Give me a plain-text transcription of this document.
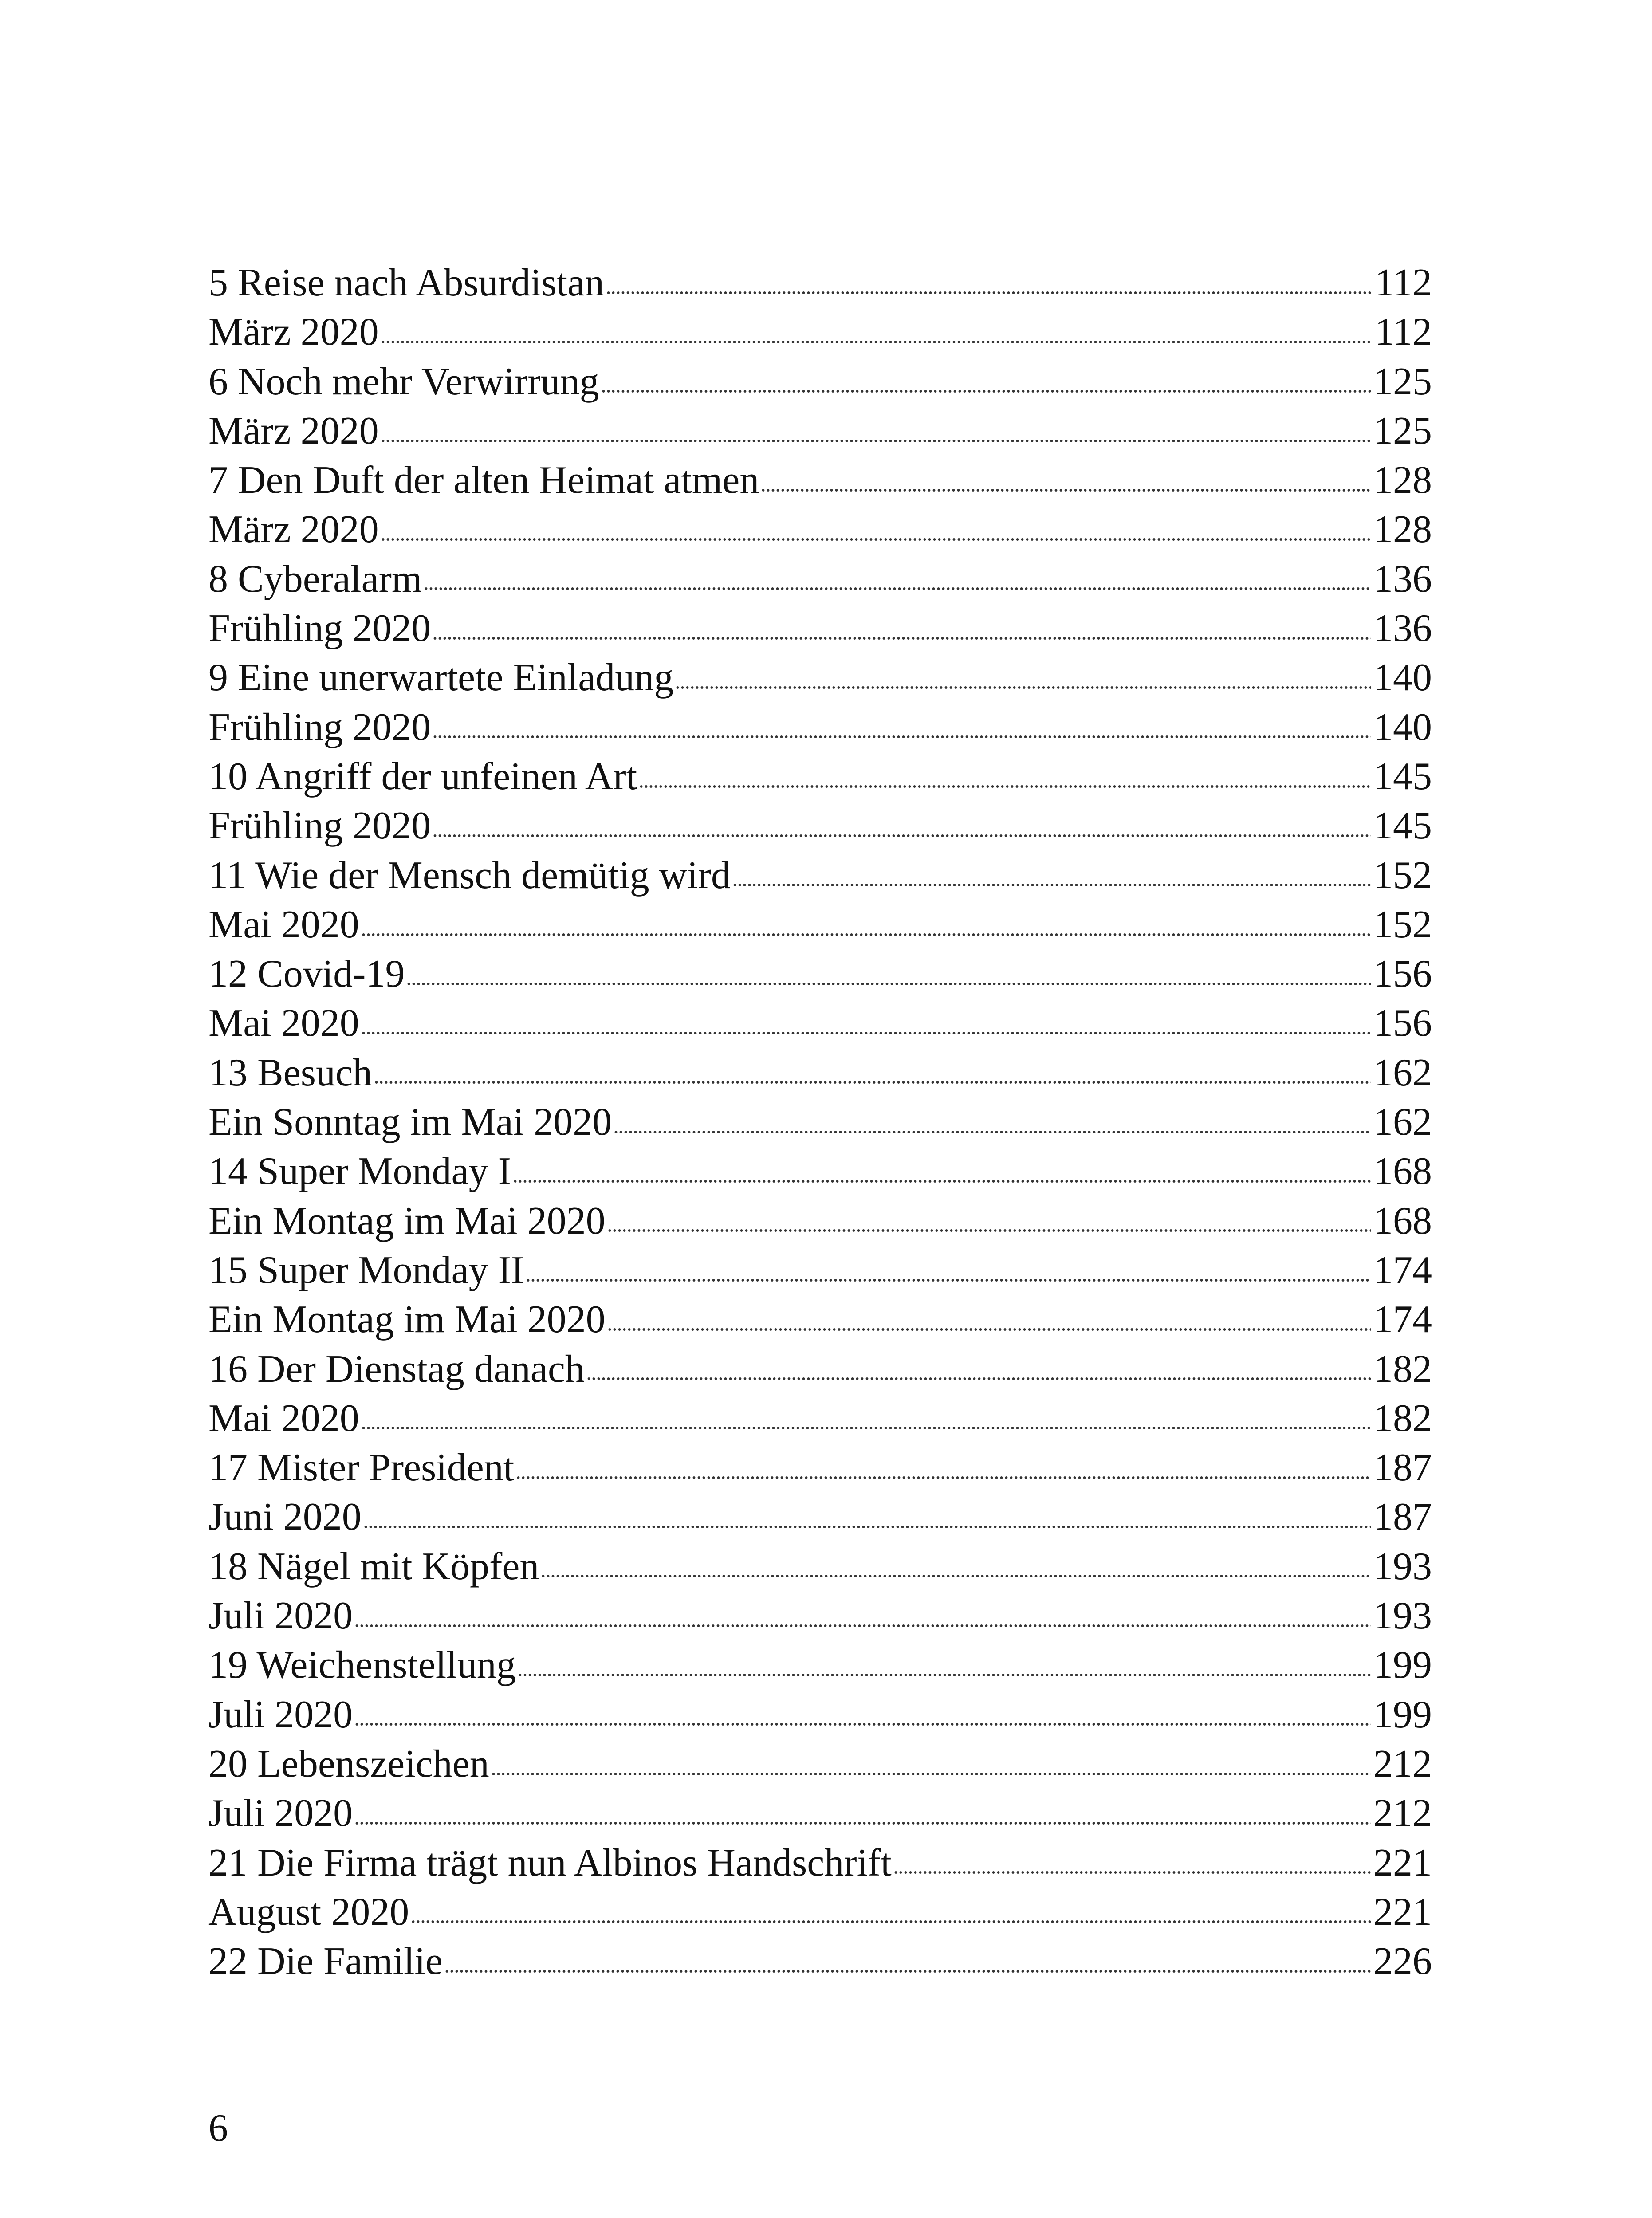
5 Reise nach Absurdistan	112
März 2020	112
6 Noch mehr Verwirrung	125
März 2020	125
7 Den Duft der alten Heimat atmen	128
März 2020	128
8 Cyberalarm	136
Frühling 2020	136
9 Eine unerwartete Einladung	140
Frühling 2020	140
10 Angriff der unfeinen Art	145
Frühling 2020	145
11 Wie der Mensch demütig wird	152
Mai 2020	152
12 Covid-19	156
Mai 2020	156
13 Besuch	162
Ein Sonntag im Mai 2020	162
14 Super Monday I	168
Ein Montag im Mai 2020	168
15 Super Monday II	174
Ein Montag im Mai 2020	174
16 Der Dienstag danach	182
Mai 2020	182
17 Mister President	187
Juni 2020	187
18 Nägel mit Köpfen	193
Juli 2020	193
19 Weichenstellung	199
Juli 2020	199
20 Lebenszeichen	212
Juli 2020	212
21 Die Firma trägt nun Albinos Handschrift	221
August 2020	221
22 Die Familie	226
6
